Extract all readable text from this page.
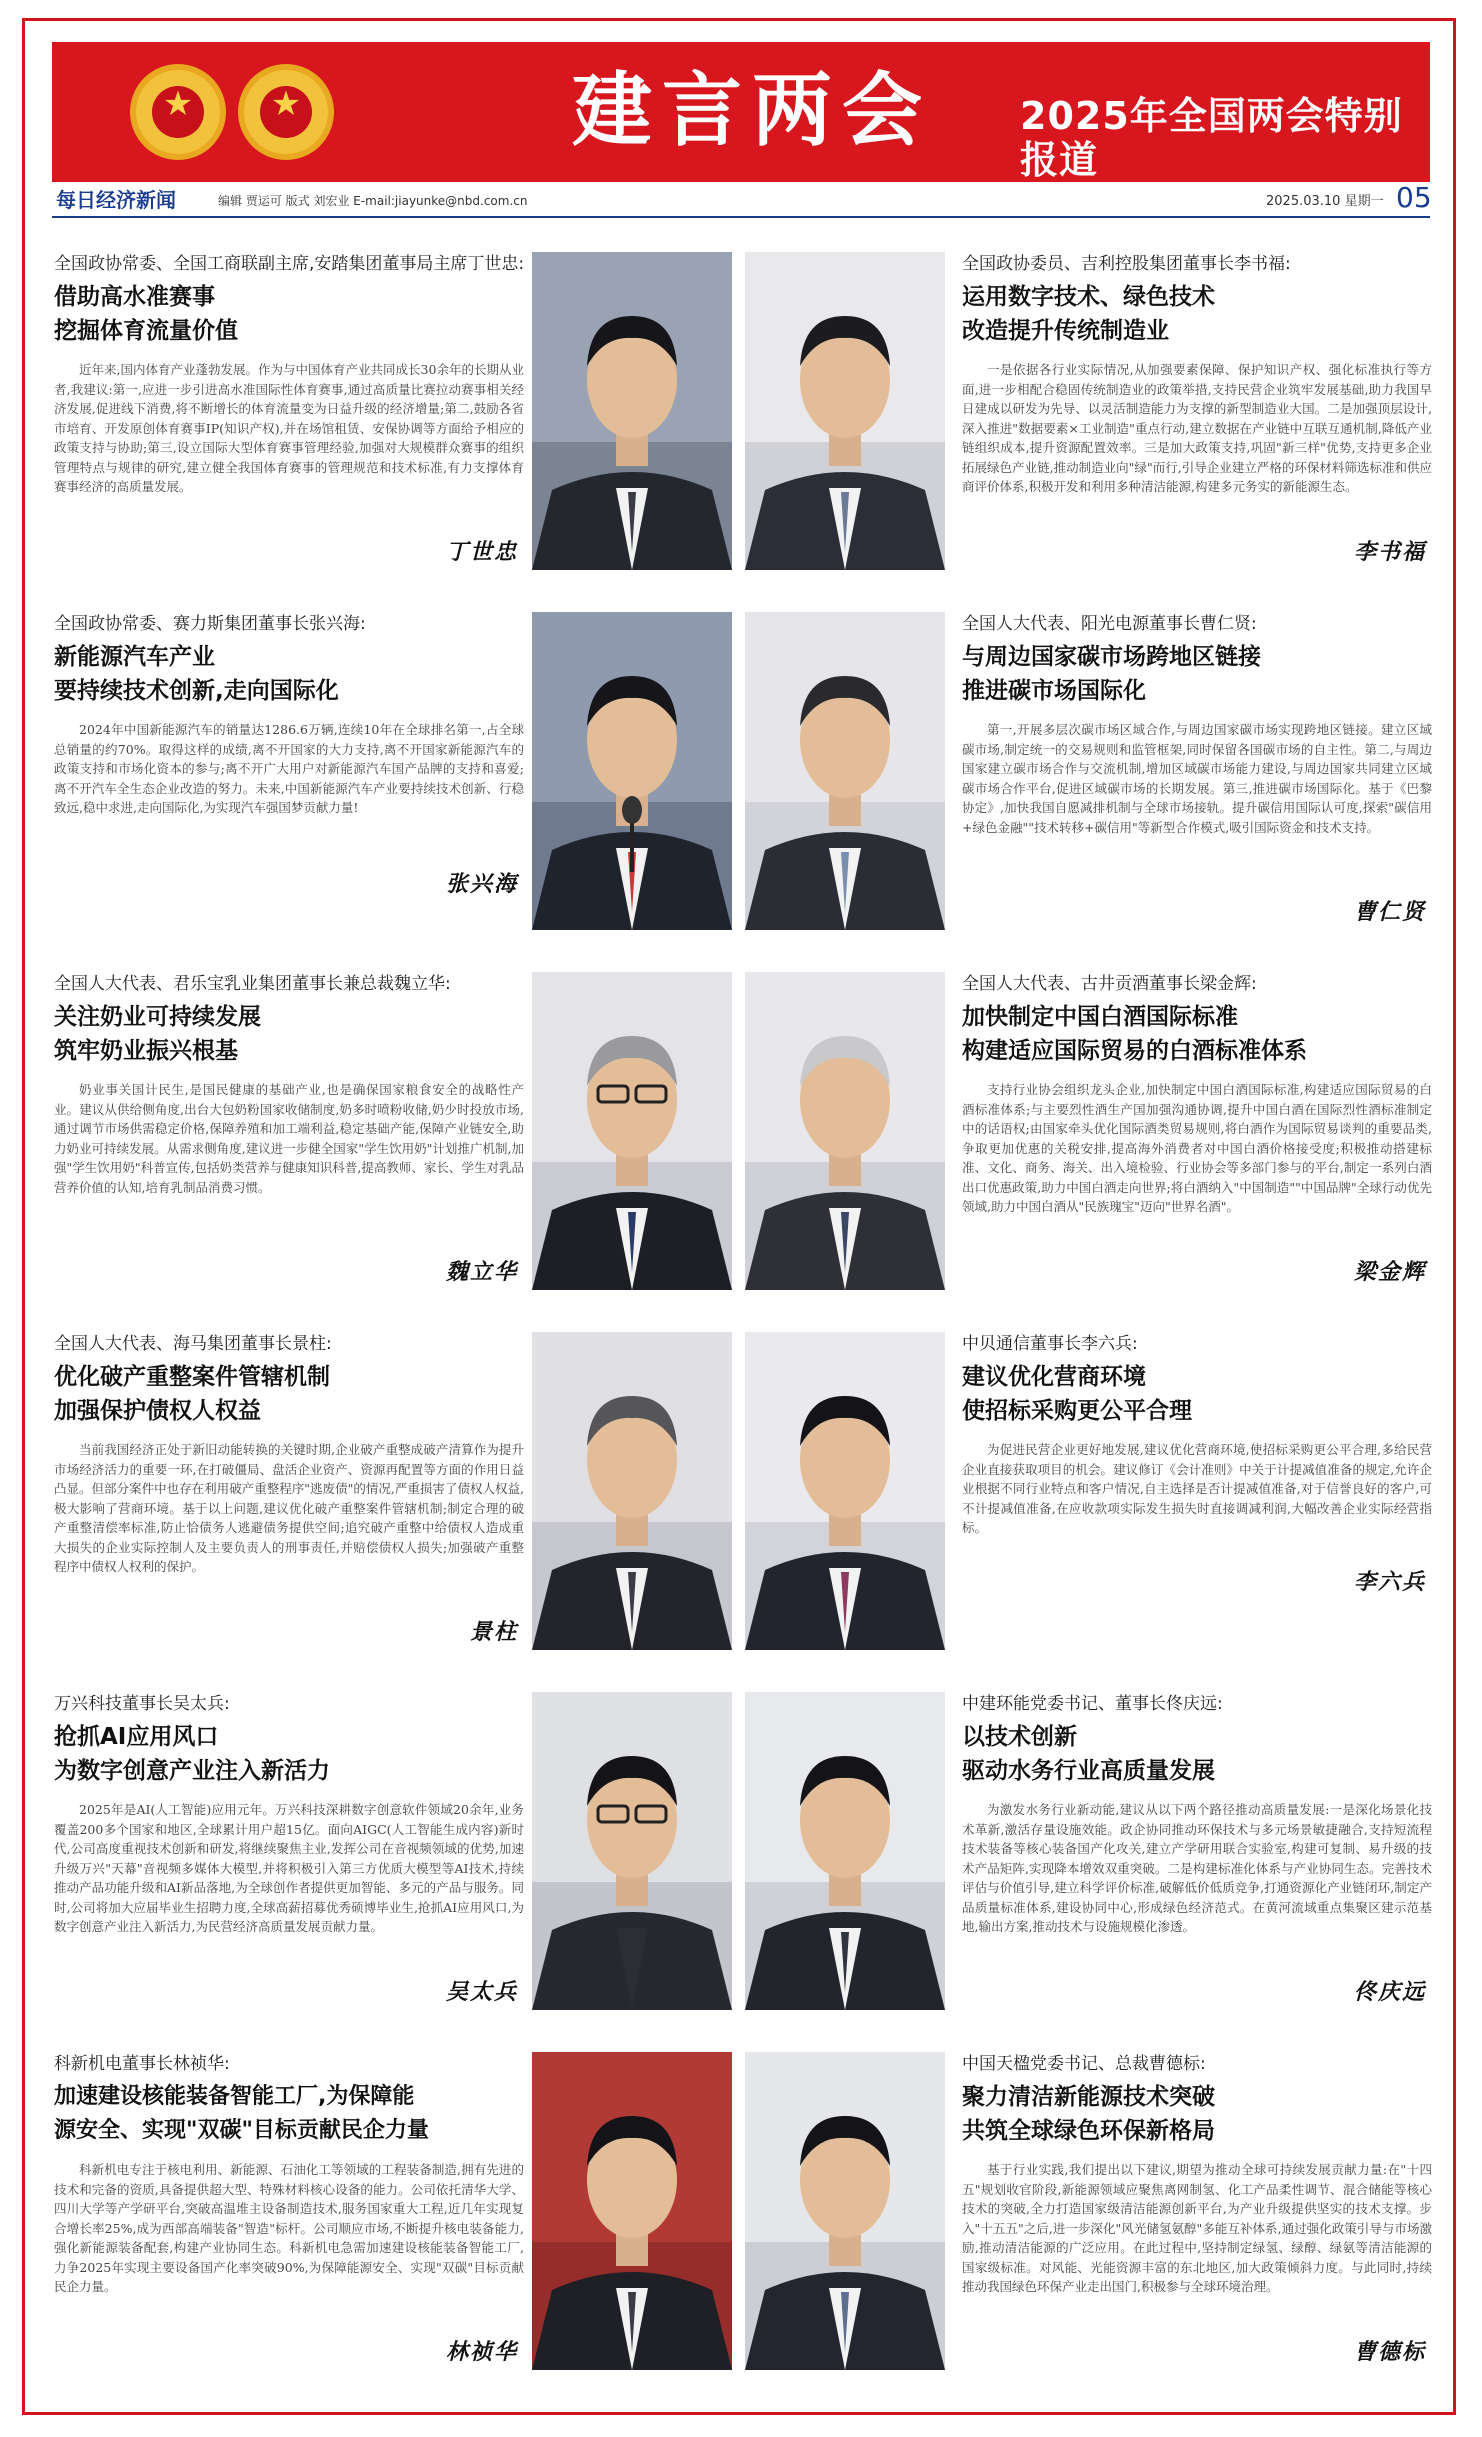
★	★	建言两会 2025年全国两会特别报道
每日经济新闻	编辑 贾运可 版式 刘宏业 E-mail:jiayunke@nbd.com.cn	2025.03.10 星期一 05
全国政协常委、全国工商联副主席,安踏集团董事局主席丁世忠:
借助高水准赛事
挖掘体育流量价值
近年来,国内体育产业蓬勃发展。作为与中国体育产业共同成长30余年的长期从业者,我建议:第一,应进一步引进高水准国际性体育赛事,通过高质量比赛拉动赛事相关经济发展,促进线下消费,将不断增长的体育流量变为日益升级的经济增量;第二,鼓励各省市培育、开发原创体育赛事IP(知识产权),并在场馆租赁、安保协调等方面给予相应的政策支持与协助;第三,设立国际大型体育赛事管理经验,加强对大规模群众赛事的组织管理特点与规律的研究,建立健全我国体育赛事的管理规范和技术标准,有力支撑体育赛事经济的高质量发展。
丁世忠
全国政协委员、吉利控股集团董事长李书福:
运用数字技术、绿色技术
改造提升传统制造业
一是依据各行业实际情况,从加强要素保障、保护知识产权、强化标准执行等方面,进一步相配合稳固传统制造业的政策举措,支持民营企业筑牢发展基础,助力我国早日建成以研发为先导、以灵活制造能力为支撑的新型制造业大国。二是加强顶层设计,深入推进"数据要素×工业制造"重点行动,建立数据在产业链中互联互通机制,降低产业链组织成本,提升资源配置效率。三是加大政策支持,巩固"新三样"优势,支持更多企业拓展绿色产业链,推动制造业向"绿"而行,引导企业建立严格的环保材料筛选标准和供应商评价体系,积极开发和利用多种清洁能源,构建多元务实的新能源生态。
李书福
全国政协常委、赛力斯集团董事长张兴海:
新能源汽车产业
要持续技术创新,走向国际化
2024年中国新能源汽车的销量达1286.6万辆,连续10年在全球排名第一,占全球总销量的约70%。取得这样的成绩,离不开国家的大力支持,离不开国家新能源汽车的政策支持和市场化资本的参与;离不开广大用户对新能源汽车国产品牌的支持和喜爱;离不开汽车全生态企业改造的努力。未来,中国新能源汽车产业要持续技术创新、行稳致远,稳中求进,走向国际化,为实现汽车强国梦贡献力量!
张兴海
全国人大代表、阳光电源董事长曹仁贤:
与周边国家碳市场跨地区链接
推进碳市场国际化
第一,开展多层次碳市场区域合作,与周边国家碳市场实现跨地区链接。建立区域碳市场,制定统一的交易规则和监管框架,同时保留各国碳市场的自主性。第二,与周边国家建立碳市场合作与交流机制,增加区域碳市场能力建设,与周边国家共同建立区域碳市场合作平台,促进区域碳市场的长期发展。第三,推进碳市场国际化。基于《巴黎协定》,加快我国自愿减排机制与全球市场接轨。提升碳信用国际认可度,探索"碳信用+绿色金融""技术转移+碳信用"等新型合作模式,吸引国际资金和技术支持。
曹仁贤
全国人大代表、君乐宝乳业集团董事长兼总裁魏立华:
关注奶业可持续发展
筑牢奶业振兴根基
奶业事关国计民生,是国民健康的基础产业,也是确保国家粮食安全的战略性产业。建议从供给侧角度,出台大包奶粉国家收储制度,奶多时喷粉收储,奶少时投放市场,通过调节市场供需稳定价格,保障养殖和加工端利益,稳定基础产能,保障产业链安全,助力奶业可持续发展。从需求侧角度,建议进一步健全国家"学生饮用奶"计划推广机制,加强"学生饮用奶"科普宣传,包括奶类营养与健康知识科普,提高教师、家长、学生对乳品营养价值的认知,培育乳制品消费习惯。
魏立华
全国人大代表、古井贡酒董事长梁金辉:
加快制定中国白酒国际标准
构建适应国际贸易的白酒标准体系
支持行业协会组织龙头企业,加快制定中国白酒国际标准,构建适应国际贸易的白酒标准体系;与主要烈性酒生产国加强沟通协调,提升中国白酒在国际烈性酒标准制定中的话语权;由国家牵头优化国际酒类贸易规则,将白酒作为国际贸易谈判的重要品类,争取更加优惠的关税安排,提高海外消费者对中国白酒价格接受度;积极推动搭建标准、文化、商务、海关、出入境检验、行业协会等多部门参与的平台,制定一系列白酒出口优惠政策,助力中国白酒走向世界;将白酒纳入"中国制造""中国品牌"全球行动优先领域,助力中国白酒从"民族瑰宝"迈向"世界名酒"。
梁金辉
全国人大代表、海马集团董事长景柱:
优化破产重整案件管辖机制
加强保护债权人权益
当前我国经济正处于新旧动能转换的关键时期,企业破产重整成破产清算作为提升市场经济活力的重要一环,在打破僵局、盘活企业资产、资源再配置等方面的作用日益凸显。但部分案件中也存在利用破产重整程序"逃废债"的情况,严重损害了债权人权益,极大影响了营商环境。基于以上问题,建议优化破产重整案件管辖机制;制定合理的破产重整清偿率标准,防止恰债务人逃避债务提供空间;追究破产重整中给债权人造成重大损失的企业实际控制人及主要负责人的刑事责任,并赔偿债权人损失;加强破产重整程序中债权人权利的保护。
景柱
中贝通信董事长李六兵:
建议优化营商环境
使招标采购更公平合理
为促进民营企业更好地发展,建议优化营商环境,使招标采购更公平合理,多给民营企业直接获取项目的机会。建议修订《会计准则》中关于计提减值准备的规定,允许企业根据不同行业特点和客户情况,自主选择是否计提减值准备,对于信誉良好的客户,可不计提减值准备,在应收款项实际发生损失时直接调减利润,大幅改善企业实际经营指标。
李六兵
万兴科技董事长吴太兵:
抢抓AI应用风口
为数字创意产业注入新活力
2025年是AI(人工智能)应用元年。万兴科技深耕数字创意软件领域20余年,业务覆盖200多个国家和地区,全球累计用户超15亿。面向AIGC(人工智能生成内容)新时代,公司高度重视技术创新和研发,将继续聚焦主业,发挥公司在音视频领域的优势,加速升级万兴"天幕"音视频多媒体大模型,并将积极引入第三方优质大模型等AI技术,持续推动产品功能升级和AI新品落地,为全球创作者提供更加智能、多元的产品与服务。同时,公司将加大应届毕业生招聘力度,全球高薪招募优秀硕博毕业生,抢抓AI应用风口,为数字创意产业注入新活力,为民营经济高质量发展贡献力量。
吴太兵
中建环能党委书记、董事长佟庆远:
以技术创新
驱动水务行业高质量发展
为激发水务行业新动能,建议从以下两个路径推动高质量发展:一是深化场景化技术革新,激活存量设施效能。政企协同推动环保技术与多元场景敏捷融合,支持短流程技术装备等核心装备国产化攻关,建立产学研用联合实验室,构建可复制、易升级的技术产品矩阵,实现降本增效双重突破。二是构建标准化体系与产业协同生态。完善技术评估与价值引导,建立科学评价标准,破解低价低质竞争,打通资源化产业链闭环,制定产品质量标准体系,建设协同中心,形成绿色经济范式。在黄河流域重点集聚区建示范基地,输出方案,推动技术与设施规模化渗透。
佟庆远
科新机电董事长林祯华:
加速建设核能装备智能工厂,为保障能
源安全、实现"双碳"目标贡献民企力量
科新机电专注于核电利用、新能源、石油化工等领域的工程装备制造,拥有先进的技术和完备的资质,具备提供超大型、特殊材料核心设备的能力。公司依托清华大学、四川大学等产学研平台,突破高温堆主设备制造技术,服务国家重大工程,近几年实现复合增长率25%,成为西部高端装备"智造"标杆。公司顺应市场,不断提升核电装备能力,强化新能源装备配套,构建产业协同生态。科新机电急需加速建设核能装备智能工厂,力争2025年实现主要设备国产化率突破90%,为保障能源安全、实现"双碳"目标贡献民企力量。
林祯华
中国天楹党委书记、总裁曹德标:
聚力清洁新能源技术突破
共筑全球绿色环保新格局
基于行业实践,我们提出以下建议,期望为推动全球可持续发展贡献力量:在"十四五"规划收官阶段,新能源领域应聚焦离网制氢、化工产品柔性调节、混合储能等核心技术的突破,全力打造国家级清洁能源创新平台,为产业升级提供坚实的技术支撑。步入"十五五"之后,进一步深化"风光储氢氨醇"多能互补体系,通过强化政策引导与市场激励,推动清洁能源的广泛应用。在此过程中,坚持制定绿氢、绿醇、绿氨等清洁能源的国家级标准。对风能、光能资源丰富的东北地区,加大政策倾斜力度。与此同时,持续推动我国绿色环保产业走出国门,积极参与全球环境治理。
曹德标
